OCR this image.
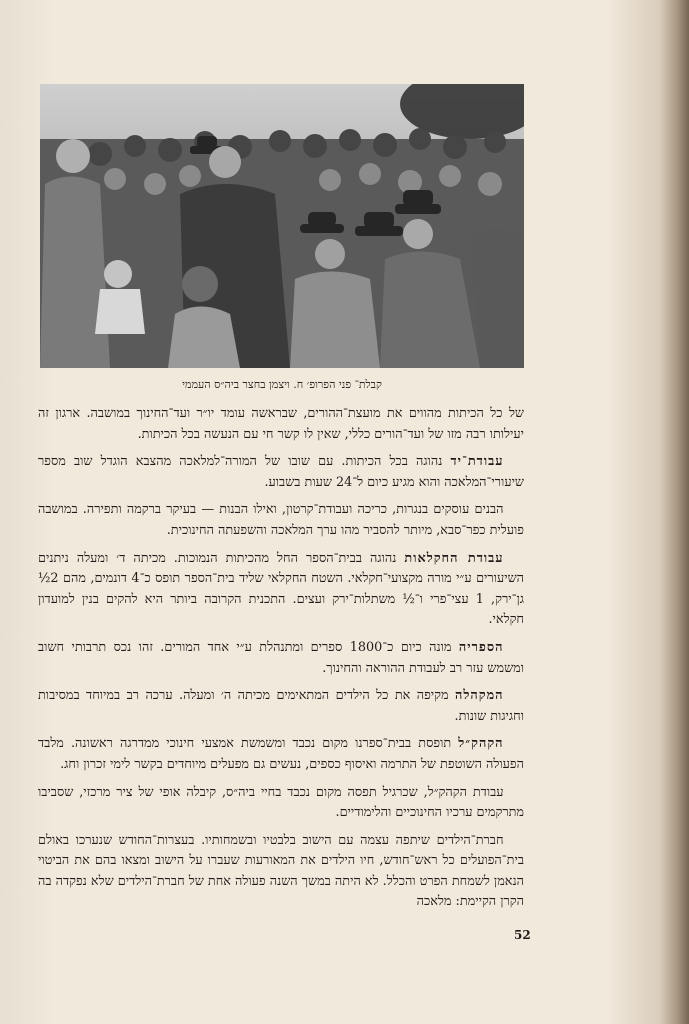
קבלת־ פני הפרופ׳ ח. ויצמן בחצר ביה״ס העממי

של כל הכיתות מהווים את מועצת־ההורים, שבראשה עומד יו״ר ועד־החינוך במושבה. ארגון זה יעילותו רבה מזו של ועד־הורים כללי, שאין לו קשר חי עם הנעשה בכל הכיתות.

עבודת־יד נהוגה בכל הכיתות. עם שובו של המורה־למלאכה מהצבא הוגדל שוב מספר שיעורי־המלאכה והוא מגיע כיום ל־24 שעות בשבוע.

הבנים עוסקים בנגרות, כריכה ועבודת־קרטון, ואילו הבנות — בעיקר ברקמה ותפירה. במושבה פועלית כפר־סבא, מיותר להסביר מהו ערך המלאכה והשפעתה החינוכית.

עבודת החקלאות נהוגה בבית־הספר החל מהכיתות הנמוכות. מכיתה ד׳ ומעלה ניתנים השיעורים ע״י מורה מקצועי־חקלאי. השטח החקלאי שליד בית־הספר תופס כ־4 דונמים, מהם 2½ גן־ירק, 1 עצי־פרי ו־½ משתלות־ירק ועצים. התכנית הקרובה ביותר היא להקים בנין למועדון חקלאי.

הספריה מונה כיום כ־1800 ספרים ומתנהלת ע״י אחד המורים. זהו נכס תרבותי חשוב ומשמש עזר רב לעבודת ההוראה והחינוך.

המקהלה מקיפה את כל הילדים המתאימים מכיתה ה׳ ומעלה. ערכה רב במיוחד במסיבות וחגיגות שונות.

הקהק״ל תופסת בבית־ספרנו מקום נכבד ומשמשת אמצעי חינוכי ממדרגה ראשונה. מלבד הפעולה השוטפת של התרמה ואיסוף כספים, נעשים גם מפעלים מיוחדים בקשר לימי זכרון וחג.

עבודת הקהק״ל, שכרגיל תפסה מקום נכבד בחיי ביה״ס, קיבלה אופי של ציר מרכזי, שסביבו מתרקמים ערכיו החינוכיים והלימודיים.

חברת־הילדים שיתפה עצמה עם הישוב בלבטיו ובשמחותיו. בעצרות־החודש שנערכו באולם בית־הפועלים כל ראש־חודש, חיו הילדים את המאורעות שעברו על הישוב ומצאו בהם את הביטוי הנאמן לשמחת הפרט והכלל. לא היתה במשך השנה פעולה אחת של חברת־הילדים שלא נפקדה בה הקרן הקיימת: מלאכה

52
